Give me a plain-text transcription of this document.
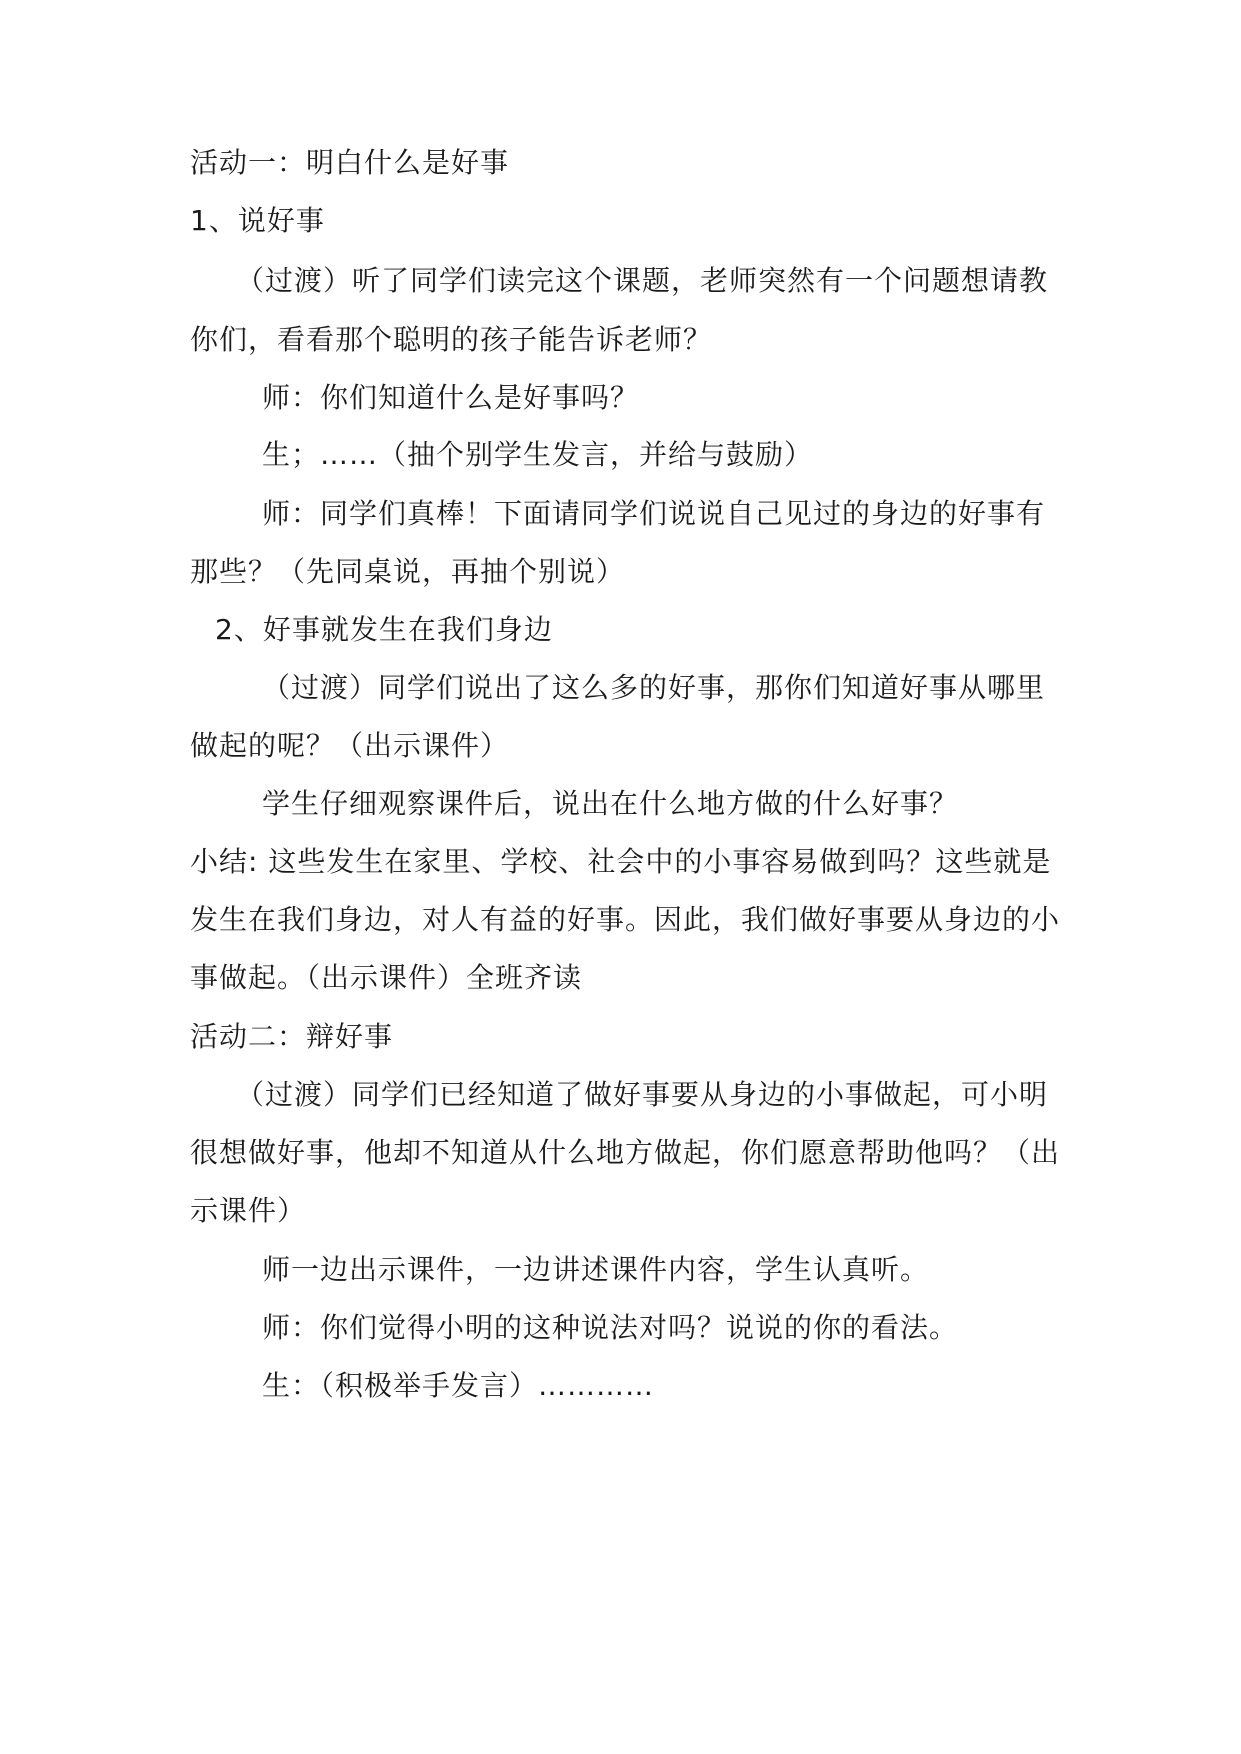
活动一：明白什么是好事
1、说好事
（过渡）听了同学们读完这个课题，老师突然有一个问题想请教
你们，看看那个聪明的孩子能告诉老师？
师：你们知道什么是好事吗？
生；……（抽个别学生发言，并给与鼓励）
师：同学们真棒！下面请同学们说说自己见过的身边的好事有
那些？（先同桌说，再抽个别说）
2、好事就发生在我们身边
（过渡）同学们说出了这么多的好事，那你们知道好事从哪里
做起的呢？（出示课件）
学生仔细观察课件后，说出在什么地方做的什么好事？
小结: 这些发生在家里、学校、社会中的小事容易做到吗？这些就是
发生在我们身边，对人有益的好事。因此，我们做好事要从身边的小
事做起。（出示课件）全班齐读
活动二：辩好事
（过渡）同学们已经知道了做好事要从身边的小事做起，可小明
很想做好事，他却不知道从什么地方做起，你们愿意帮助他吗？（出
示课件）
师一边出示课件，一边讲述课件内容，学生认真听。
师：你们觉得小明的这种说法对吗？说说的你的看法。
生：（积极举手发言）…………
